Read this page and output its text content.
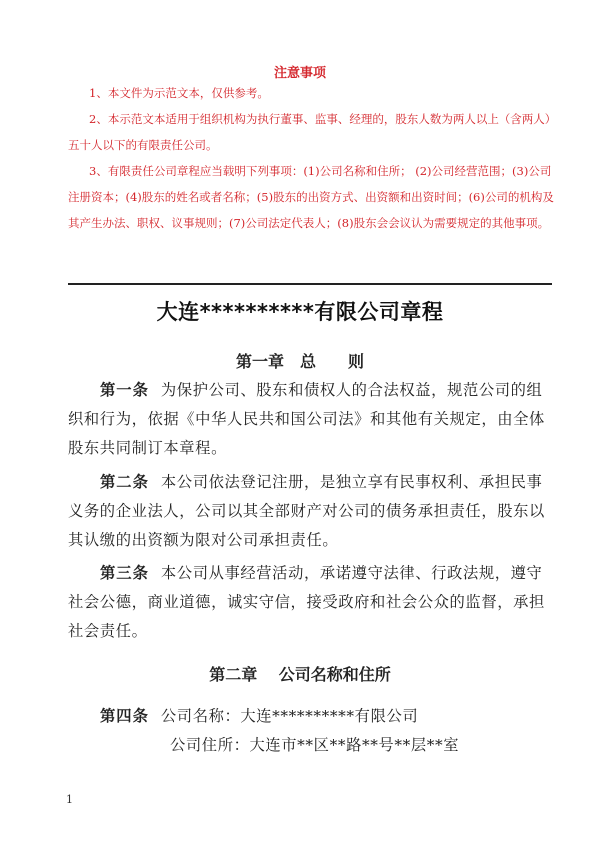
注意事项

1、本文件为示范文本，仅供参考。

2、本示范文本适用于组织机构为执行董事、监事、经理的，股东人数为两人以上（含两人）五十人以下的有限责任公司。

3、有限责任公司章程应当载明下列事项：(1)公司名称和住所； (2)公司经营范围；(3)公司注册资本；(4)股东的姓名或者名称；(5)股东的出资方式、出资额和出资时间；(6)公司的机构及其产生办法、职权、议事规则；(7)公司法定代表人；(8)股东会会议认为需要规定的其他事项。

大连**********有限公司章程
第一章　总　　则
第一条 为保护公司、股东和债权人的合法权益，规范公司的组织和行为，依据《中华人民共和国公司法》和其他有关规定，由全体股东共同制订本章程。
第二条 本公司依法登记注册，是独立享有民事权利、承担民事义务的企业法人，公司以其全部财产对公司的债务承担责任，股东以其认缴的出资额为限对公司承担责任。
第三条 本公司从事经营活动，承诺遵守法律、行政法规，遵守社会公德，商业道德，诚实守信，接受政府和社会公众的监督，承担社会责任。
第二章　 公司名称和住所
第四条 公司名称：大连**********有限公司
公司住所：大连市**区**路**号**层**室
1
